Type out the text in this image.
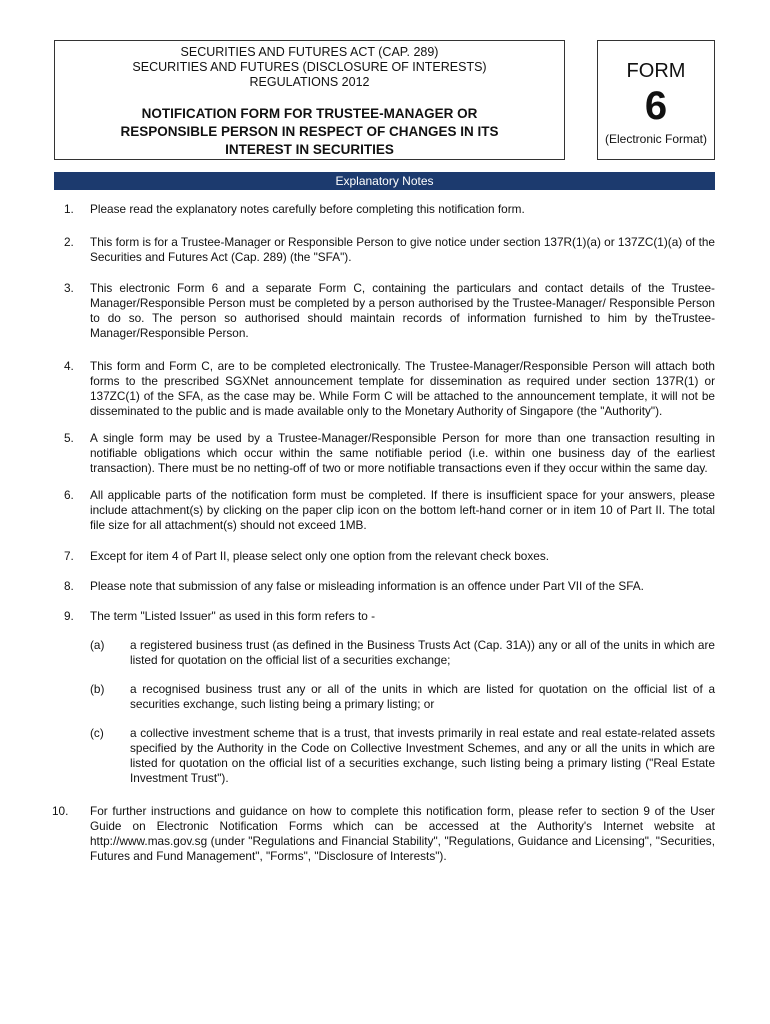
SECURITIES AND FUTURES ACT (CAP. 289)
SECURITIES AND FUTURES (DISCLOSURE OF INTERESTS)
REGULATIONS 2012
NOTIFICATION FORM FOR TRUSTEE-MANAGER OR
RESPONSIBLE PERSON IN RESPECT OF CHANGES IN ITS
INTEREST IN SECURITIES
FORM
6
(Electronic Format)
Explanatory Notes
1. Please read the explanatory notes carefully before completing this notification form.
2. This form is for a Trustee-Manager or Responsible Person to give notice under section 137R(1)(a) or 137ZC(1)(a) of the Securities and Futures Act (Cap. 289) (the "SFA").
3. This electronic Form 6 and a separate Form C, containing the particulars and contact details of the Trustee-Manager/Responsible Person must be completed by a person authorised by the Trustee-Manager/ Responsible Person to do so. The person so authorised should maintain records of information furnished to him by theTrustee-Manager/Responsible Person.
4. This form and Form C, are to be completed electronically. The Trustee-Manager/Responsible Person will attach both forms to the prescribed SGXNet announcement template for dissemination as required under section 137R(1) or 137ZC(1) of the SFA, as the case may be. While Form C will be attached to the announcement template, it will not be disseminated to the public and is made available only to the Monetary Authority of Singapore (the "Authority").
5. A single form may be used by a Trustee-Manager/Responsible Person for more than one transaction resulting in notifiable obligations which occur within the same notifiable period (i.e. within one business day of the earliest transaction). There must be no netting-off of two or more notifiable transactions even if they occur within the same day.
6. All applicable parts of the notification form must be completed. If there is insufficient space for your answers, please include attachment(s) by clicking on the paper clip icon on the bottom left-hand corner or in item 10 of Part II. The total file size for all attachment(s) should not exceed 1MB.
7. Except for item 4 of Part II, please select only one option from the relevant check boxes.
8. Please note that submission of any false or misleading information is an offence under Part VII of the SFA.
9. The term "Listed Issuer" as used in this form refers to -
(a) a registered business trust (as defined in the Business Trusts Act (Cap. 31A)) any or all of the units in which are listed for quotation on the official list of a securities exchange;
(b) a recognised business trust any or all of the units in which are listed for quotation on the official list of a securities exchange, such listing being a primary listing; or
(c) a collective investment scheme that is a trust, that invests primarily in real estate and real estate-related assets specified by the Authority in the Code on Collective Investment Schemes, and any or all the units in which are listed for quotation on the official list of a securities exchange, such listing being a primary listing ("Real Estate Investment Trust").
10. For further instructions and guidance on how to complete this notification form, please refer to section 9 of the User Guide on Electronic Notification Forms which can be accessed at the Authority's Internet website at http://www.mas.gov.sg (under "Regulations and Financial Stability", "Regulations, Guidance and Licensing", "Securities, Futures and Fund Management", "Forms", "Disclosure of Interests").
